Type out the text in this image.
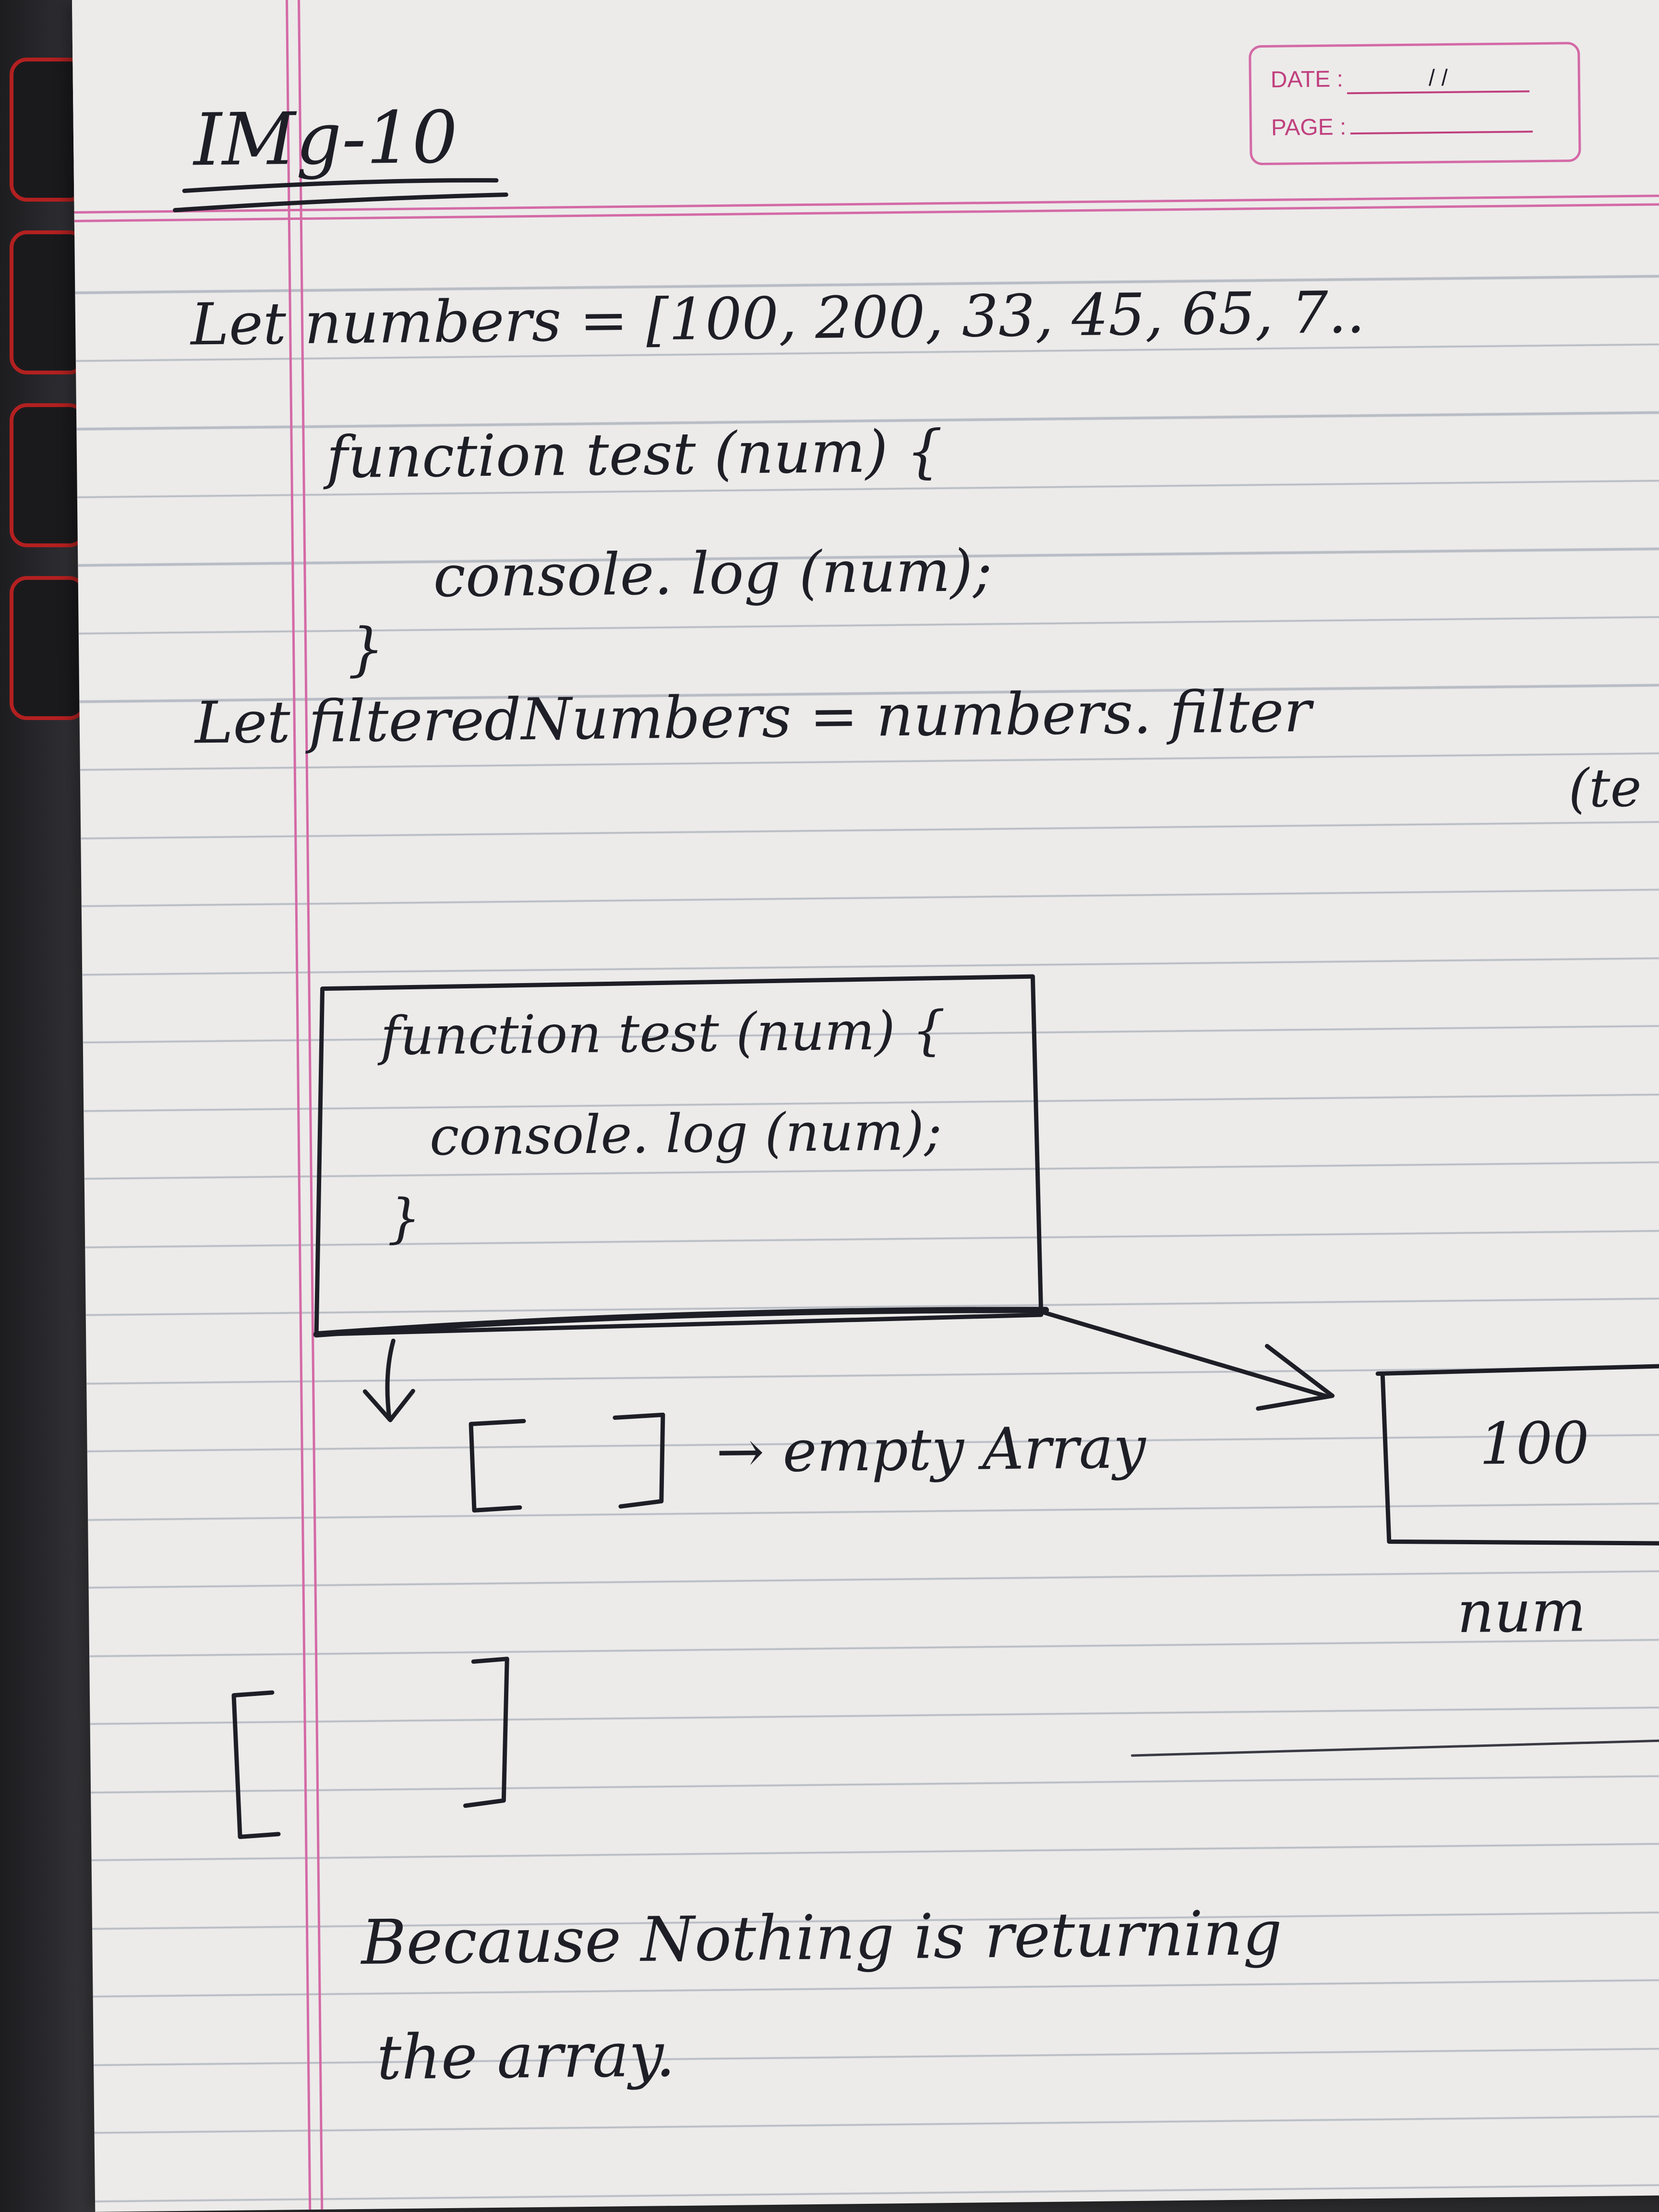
DATE :	/ /
PAGE :
IMg-10
Let numbers = [100, 200, 33, 45, 65, 7..
function test (num) {
console. log (num);
}
Let filteredNumbers = numbers. filter
(te
function test (num) {
console. log (num);
}
→ empty Array	100
num
Because Nothing is returning
the array.
